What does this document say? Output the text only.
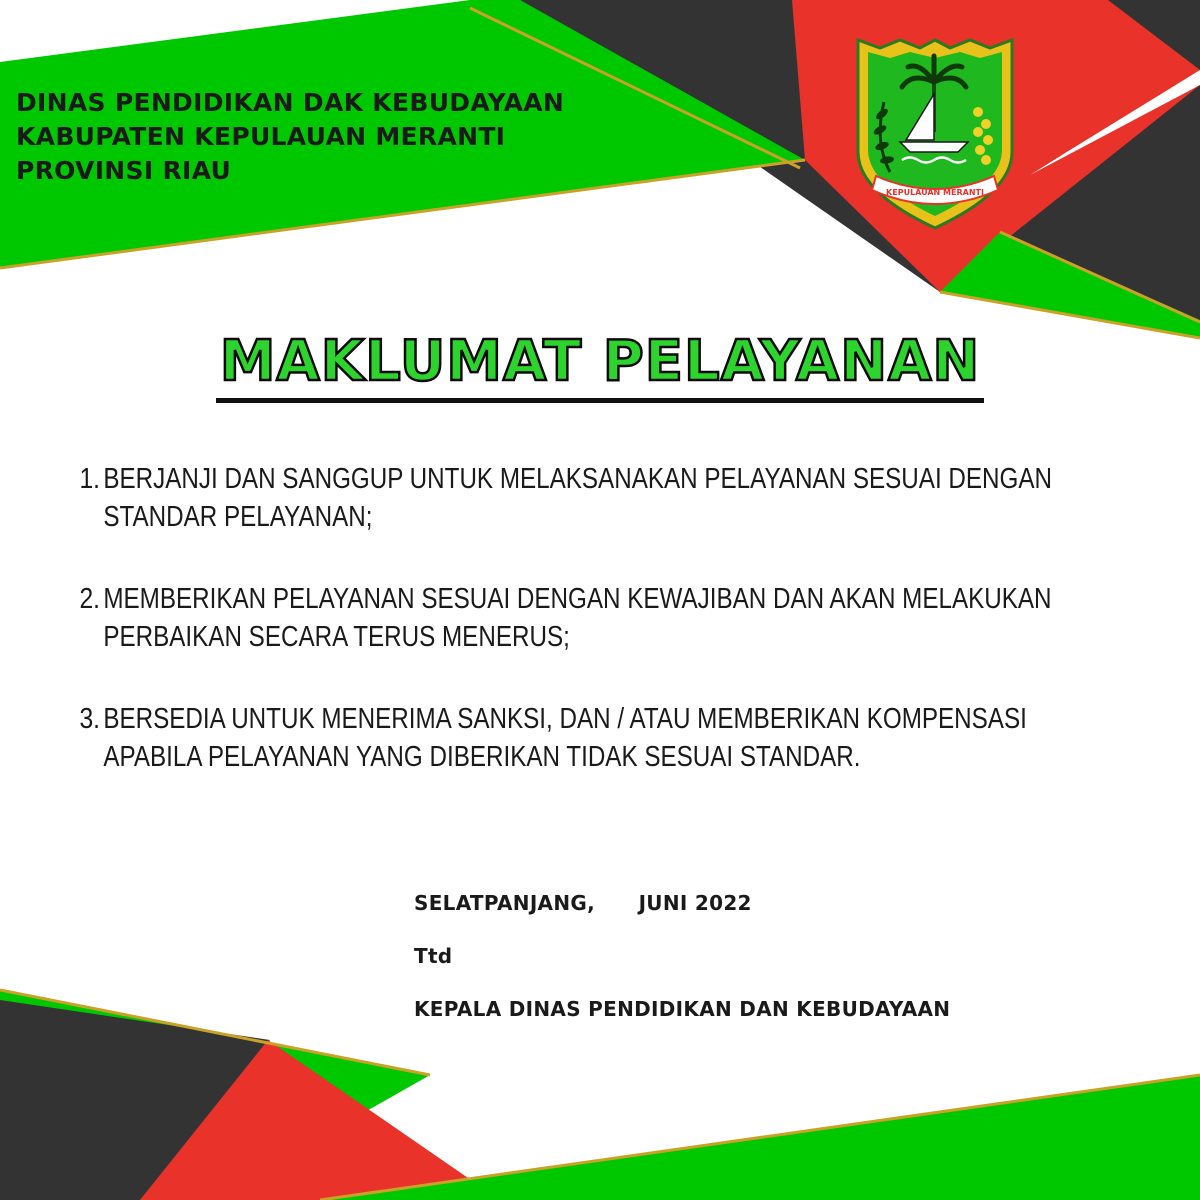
DINAS PENDIDIKAN DAK KEBUDAYAAN
KABUPATEN KEPULAUAN MERANTI
PROVINSI RIAU
KEPULAUAN MERANTI
MAKLUMAT PELAYANAN
1. BERJANJI DAN SANGGUP UNTUK MELAKSANAKAN PELAYANAN SESUAI DENGAN
STANDAR PELAYANAN;
2. MEMBERIKAN PELAYANAN SESUAI DENGAN KEWAJIBAN DAN AKAN MELAKUKAN
PERBAIKAN SECARA TERUS MENERUS;
3. BERSEDIA UNTUK MENERIMA SANKSI, DAN / ATAU MEMBERIKAN KOMPENSASI
APABILA PELAYANAN YANG DIBERIKAN TIDAK SESUAI STANDAR.
SELATPANJANG,      JUNI 2022
Ttd
KEPALA DINAS PENDIDIKAN DAN KEBUDAYAAN
